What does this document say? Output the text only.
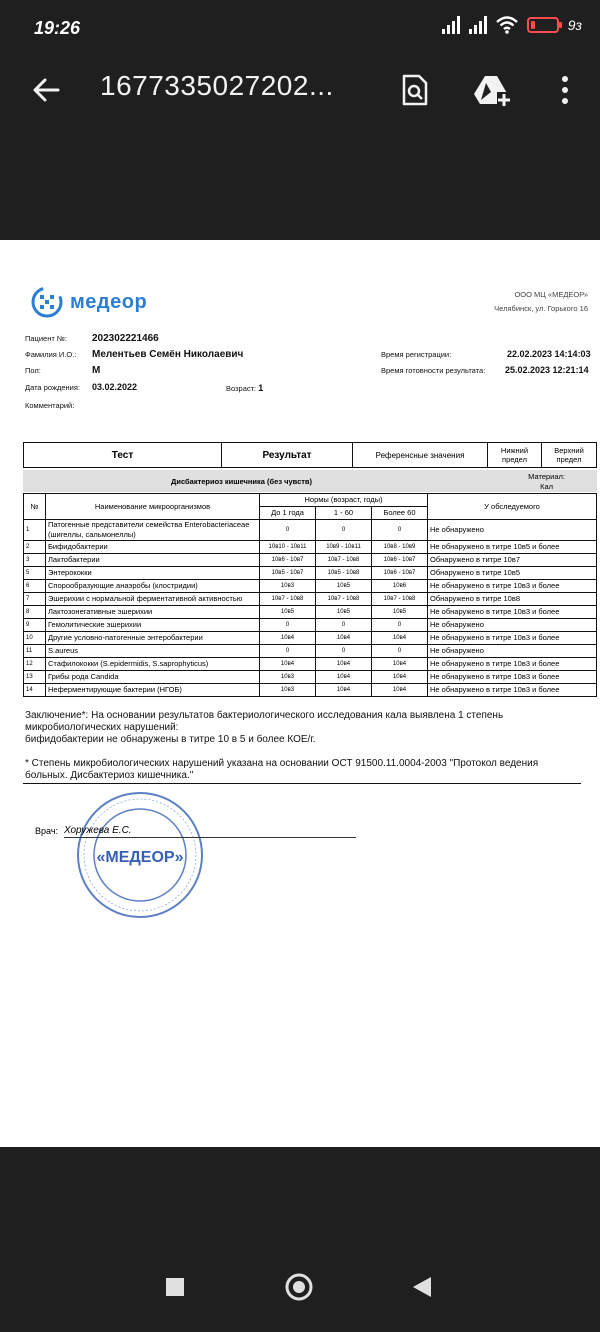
19:26	9з
1677335027202...
медеор	ООО МЦ «МЕДЕОР»
Челябинск, ул. Горького 16
Пациент №: 202302221466
Фамилия И.О.: Мелентьев Семён Николаевич
Пол:	М
Дата рождения: 03.02.2022	Возраст: 1
Комментарий:
Время регистрации:	22.02.2023 14:14:03
Время готовности результата: 25.02.2023 12:21:14
Тест	Результат	Референсные значения	Нижний предел	Верхний предел
Дисбактериоз кишечника (без чувств)
Материал:
Кал
№	Наименование микроорганизмов	Нормы (возраст, годы)			У обследуемого
		До 1 года	1 - 60	Более 60	
1	Патогенные представители семейства Enterobacteriaceae (шигеллы, сальмонеллы)	0	0	0	Не обнаружено
2	Бифидобактерии	10в10 - 10в11	10в9 - 10в11	10в8 - 10в9	Не обнаружено в титре 10в5 и более
3	Лактобактерии	10в6 - 10в7	10в7 - 10в8	10в6 - 10в7	Обнаружено в титре 10в7
5	Энтерококки	10в5 - 10в7	10в5 - 10в8	10в6 - 10в7	Обнаружено в титре 10в5
6	Спорообразующие анаэробы (клостридии)	10в3	10в5	10в6	Не обнаружено в титре 10в3 и более
7	Эшерихии с нормальной ферментативной активностью	10в7 - 10в8	10в7 - 10в8	10в7 - 10в8	Обнаружено в титре 10в8
8	Лактозонегативные эшерихии	10в5	10в5	10в5	Не обнаружено в титре 10в3 и более
9	Гемолитические эшерихии	0	0	0	Не обнаружено
10	Другие условно-патогенные энтеробактерии	10в4	10в4	10в4	Не обнаружено в титре 10в3 и более
11	S.aureus	0	0	0	Не обнаружено
12	Стафилококки (S.epidermidis, S.saprophyticus)	10в4	10в4	10в4	Не обнаружено в титре 10в3 и более
13	Грибы рода Candida	10в3	10в4	10в4	Не обнаружено в титре 10в3 и более
14	Неферментирующие бактерии (НГОБ)	10в3	10в4	10в4	Не обнаружено в титре 10в3 и более
Заключение*: На основании результатов бактериологического исследования кала выявлена 1 степень
микробиологических нарушений:
бифидобактерии не обнаружены в титре 10 в 5 и более КОЕ/г.
* Степень микробиологических нарушений указана на основании ОСТ 91500.11.0004-2003 "Протокол ведения
больных. Дисбактериоз кишечника."
«МЕДЕОР»
Врач: Хоружева Е.С.
